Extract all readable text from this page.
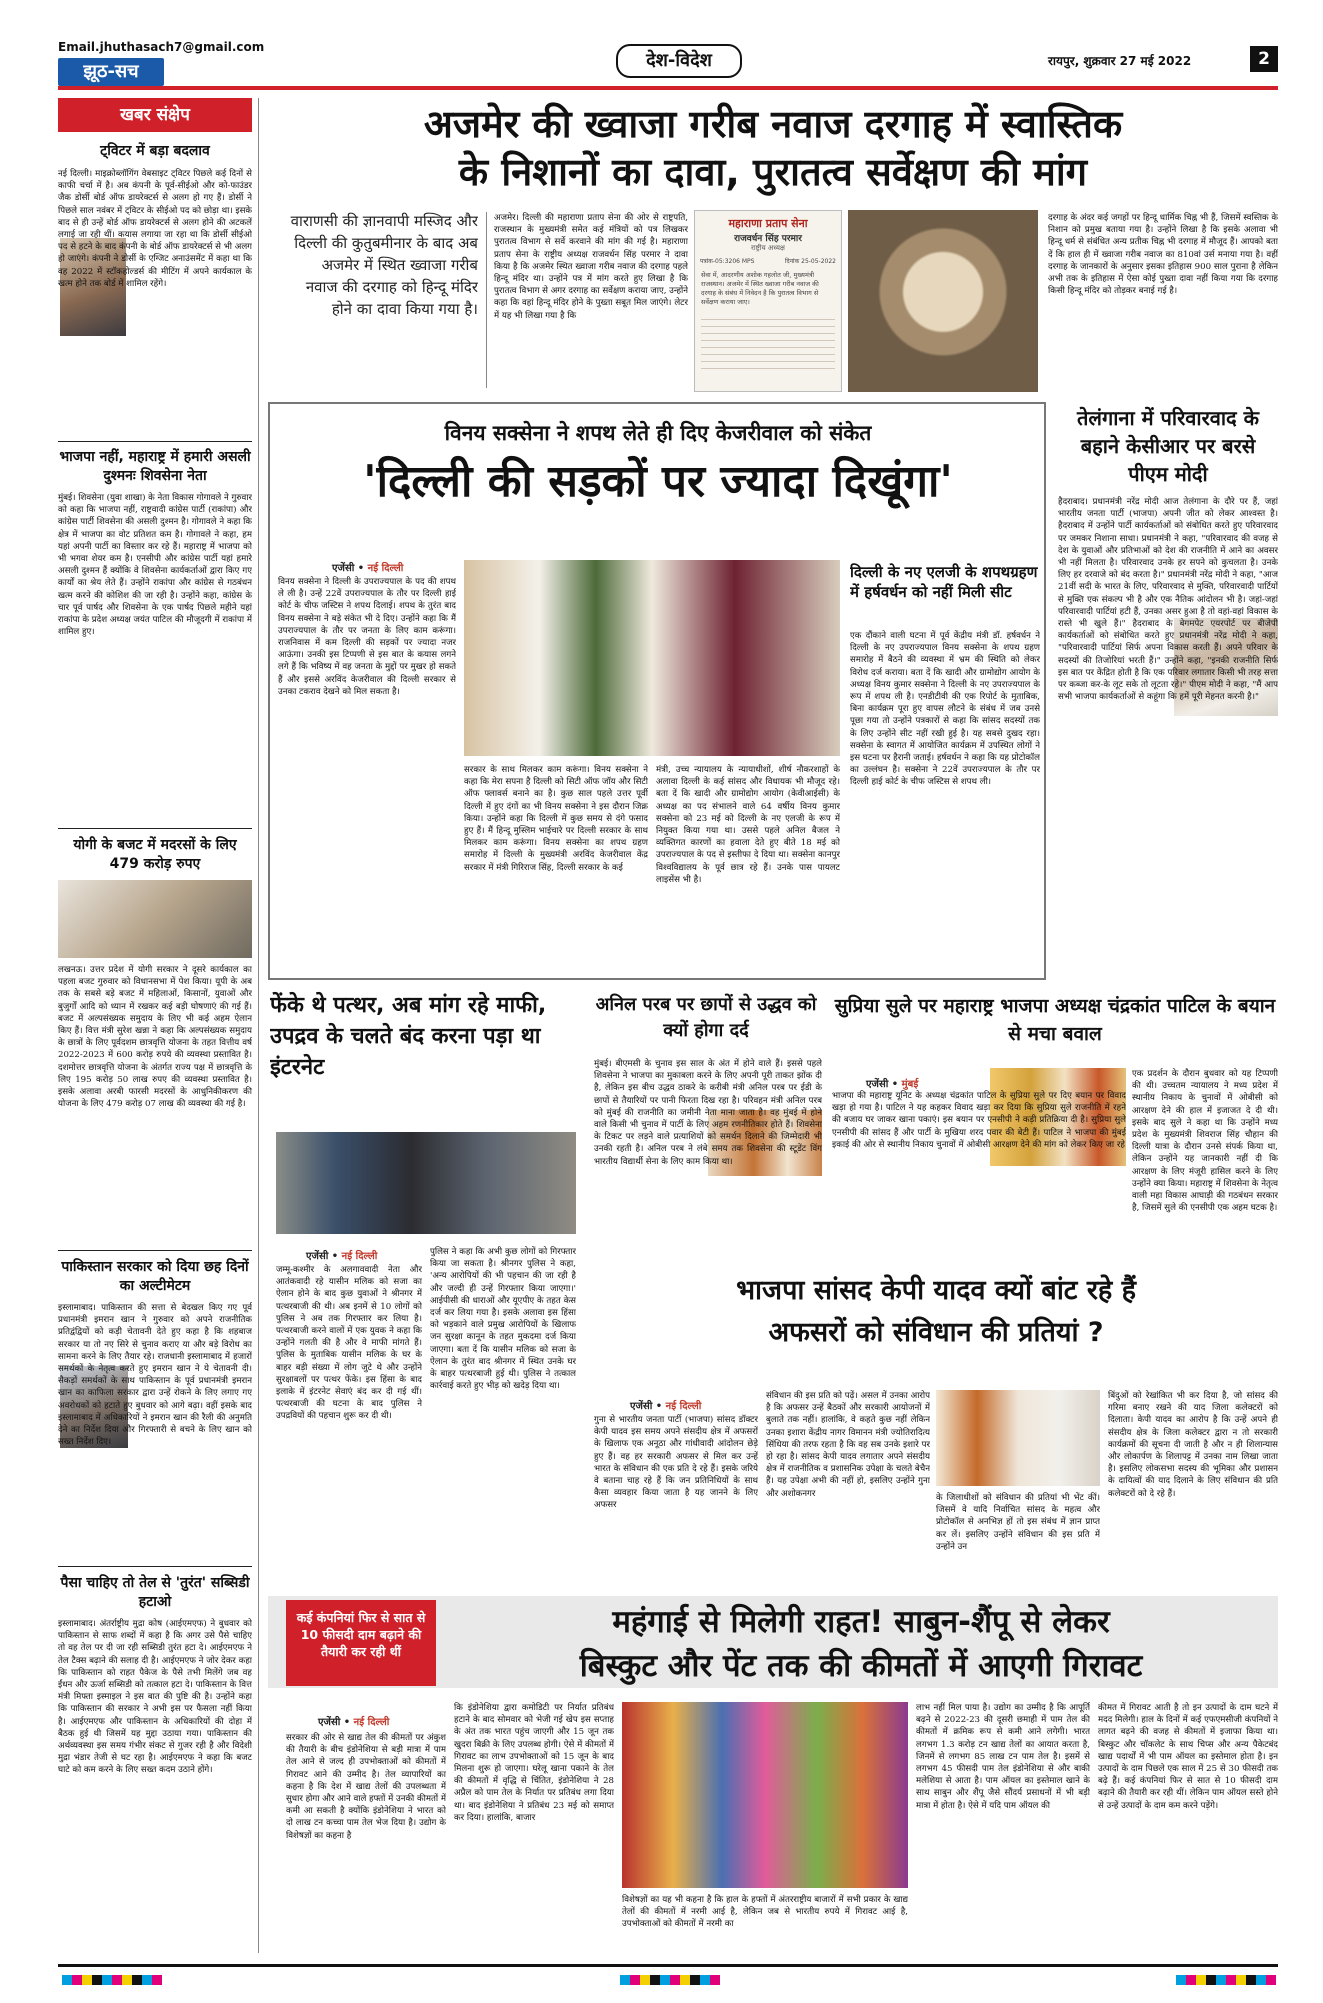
Email.jhuthasach7@gmail.com
झूठ-सच
देश-विदेश	रायपुर, शुक्रवार 27 मई 2022	2
खबर संक्षेप
ट्विटर में बड़ा बदलाव
नई दिल्ली। माइक्रोब्लॉगिंग वेबसाइट ट्विटर पिछले कई दिनों से काफी चर्चा में है। अब कंपनी के पूर्व-सीईओ और को-फाउंडर जैक डोर्सी बोर्ड ऑफ डायरेक्टर्स से अलग हो गए हैं। डोर्सी ने पिछले साल नवंबर में ट्विटर के सीईओ पद को छोड़ा था। इसके बाद से ही उन्हें बोर्ड ऑफ डायरेक्टर्स से अलग होने की अटकलें लगाई जा रही थीं। कयास लगाया जा रहा था कि डोर्सी सीईओ पद से हटने के बाद कंपनी के बोर्ड ऑफ डायरेक्टर्स से भी अलग हो जाएंगे। कंपनी ने डोर्सी के एग्जिट अनाउंसमेंट में कहा था कि वह 2022 में स्टॉकहोल्डर्स की मीटिंग में अपने कार्यकाल के खत्म होने तक बोर्ड में शामिल रहेंगे।
भाजपा नहीं, महाराष्ट्र में हमारी असली दुश्मनः शिवसेना नेता
मुंबई। शिवसेना (युवा शाखा) के नेता विकास गोगावले ने गुरुवार को कहा कि भाजपा नहीं, राष्ट्रवादी कांग्रेस पार्टी (राकांपा) और कांग्रेस पार्टी शिवसेना की असली दुश्मन है। गोगावले ने कहा कि क्षेत्र में भाजपा का वोट प्रतिशत कम है। गोगावले ने कहा, हम यहां अपनी पार्टी का विस्तार कर रहे हैं। महाराष्ट्र में भाजपा को भी भगवा शेयर कम है। एनसीपी और कांग्रेस पार्टी यहां हमारे असली दुश्मन हैं क्योंकि वे शिवसेना कार्यकर्ताओं द्वारा किए गए कार्यों का श्रेय लेते हैं। उन्होंने राकांपा और कांग्रेस से गठबंधन खत्म करने की कोशिश की जा रही है। उन्होंने कहा, कांग्रेस के चार पूर्व पार्षद और शिवसेना के एक पार्षद पिछले महीने यहां राकांपा के प्रदेश अध्यक्ष जयंत पाटिल की मौजूदगी में राकांपा में शामिल हुए।
योगी के बजट में मदरसों के लिए 479 करोड़ रुपए
लखनऊ। उत्तर प्रदेश में योगी सरकार ने दूसरे कार्यकाल का पहला बजट गुरुवार को विधानसभा में पेश किया। यूपी के अब तक के सबसे बड़े बजट में महिलाओं, किसानों, युवाओं और बुजुर्गों आदि को ध्यान में रखकर कई बड़ी घोषणाएं की गई हैं। बजट में अल्पसंख्यक समुदाय के लिए भी कई अहम ऐलान किए हैं। वित्त मंत्री सुरेश खन्ना ने कहा कि अल्पसंख्यक समुदाय के छात्रों के लिए पूर्वदशम छात्रवृत्ति योजना के तहत वित्तीय वर्ष 2022-2023 में 600 करोड़ रुपये की व्यवस्था प्रस्तावित है। दशमोत्तर छात्रवृत्ति योजना के अंतर्गत राज्य पक्ष में छात्रवृत्ति के लिए 195 करोड़ 50 लाख रुपए की व्यवस्था प्रस्तावित है। इसके अलावा अरबी फारसी मदरसों के आधुनिकीकरण की योजना के लिए 479 करोड़ 07 लाख की व्यवस्था की गई है।
पाकिस्तान सरकार को दिया छह दिनों का अल्टीमेटम
इस्लामाबाद। पाकिस्तान की सत्ता से बेदखल किए गए पूर्व प्रधानमंत्री इमरान खान ने गुरुवार को अपने राजनीतिक प्रतिद्वंद्वियों को कड़ी चेतावनी देते हुए कहा है कि शहबाज सरकार या तो नए सिरे से चुनाव कराए या और बड़े विरोध का सामना करने के लिए तैयार रहे। राजधानी इस्लामाबाद में हजारों समर्थकों के नेतृत्व करते हुए इमरान खान ने ये चेतावनी दी। सैकड़ों समर्थकों के साथ पाकिस्तान के पूर्व प्रधानमंत्री इमरान खान का काफिला सरकार द्वारा उन्हें रोकने के लिए लगाए गए अवरोधकों को हटाते हुए बुधवार को आगे बढ़ा। वहीं इसके बाद इस्लामाबाद में अधिकारियों ने इमरान खान की रैली की अनुमति देने का निर्देश दिया और गिरफ्तारी से बचने के लिए खान को सख्त निर्देश दिए।
पैसा चाहिए तो तेल से 'तुरंत' सब्सिडी हटाओ
इस्लामाबाद। अंतर्राष्ट्रीय मुद्रा कोष (आईएमएफ) ने बुधवार को पाकिस्तान से साफ शब्दों में कहा है कि अगर उसे पैसे चाहिए तो वह तेल पर दी जा रही सब्सिडी तुरंत हटा दे। आईएमएफ ने तेल टैक्स बढ़ाने की सलाह दी है। आईएमएफ ने जोर देकर कहा कि पाकिस्तान को राहत पैकेज के पैसे तभी मिलेंगे जब वह ईंधन और ऊर्जा सब्सिडी को तत्काल हटा दे। पाकिस्तान के वित्त मंत्री मिफ्ता इस्माइल ने इस बात की पुष्टि की है। उन्होंने कहा कि पाकिस्तान की सरकार ने अभी इस पर फैसला नहीं किया है। आईएमएफ और पाकिस्तान के अधिकारियों की दोहा में बैठक हुई थी जिसमें यह मुद्दा उठाया गया। पाकिस्तान की अर्थव्यवस्था इस समय गंभीर संकट से गुजर रही है और विदेशी मुद्रा भंडार तेजी से घट रहा है। आईएमएफ ने कहा कि बजट घाटे को कम करने के लिए सख्त कदम उठाने होंगे।
अजमेर की ख्वाजा गरीब नवाज दरगाह में स्वास्तिक
के निशानों का दावा, पुरातत्व सर्वेक्षण की मांग
वाराणसी की ज्ञानवापी मस्जिद और दिल्ली की कुतुबमीनार के बाद अब अजमेर में स्थित ख्वाजा गरीब नवाज की दरगाह को हिन्दू मंदिर होने का दावा किया गया है।
अजमेर। दिल्ली की महाराणा प्रताप सेना की ओर से राष्ट्रपति, राजस्थान के मुख्यमंत्री समेत कई मंत्रियों को पत्र लिखकर पुरातत्व विभाग से सर्वे करवाने की मांग की गई है। महाराणा प्रताप सेना के राष्ट्रीय अध्यक्ष राजवर्धन सिंह परमार ने दावा किया है कि अजमेर स्थित ख्वाजा गरीब नवाज की दरगाह पहले हिन्दू मंदिर था। उन्होंने पत्र में मांग करते हुए लिखा है कि पुरातत्व विभाग से अगर दरगाह का सर्वेक्षण कराया जाए, उन्होंने कहा कि वहां हिन्दू मंदिर होने के पुख्ता सबूत मिल जाएंगे। लेटर में यह भी लिखा गया है कि
महाराणा प्रताप सेना
राजवर्धन सिंह परमार
राष्ट्रीय अध्यक्ष
पत्रांक-05:3206 MPS	दिनांक 25-05-2022
सेवा में, आदरणीय अशोक गहलोत जी, मुख्यमंत्री राजस्थान। अजमेर में स्थित ख्वाजा गरीब नवाज की दरगाह के संबंध में निवेदन है कि पुरातत्व विभाग से सर्वेक्षण कराया जाए।
दरगाह के अंदर कई जगहों पर हिन्दू धार्मिक चिह्न भी हैं, जिसमें स्वस्तिक के निशान को प्रमुख बताया गया है। उन्होंने लिखा है कि इसके अलावा भी हिन्दू धर्म से संबंधित अन्य प्रतीक चिह्न भी दरगाह में मौजूद हैं। आपको बता दें कि हाल ही में ख्वाजा गरीब नवाज का 810वां उर्स मनाया गया है। वहीं दरगाह के जानकारों के अनुसार इसका इतिहास 900 साल पुराना है लेकिन अभी तक के इतिहास में ऐसा कोई पुख्ता दावा नहीं किया गया कि दरगाह किसी हिन्दू मंदिर को तोड़कर बनाई गई है।
विनय सक्सेना ने शपथ लेते ही दिए केजरीवाल को संकेत
'दिल्ली की सड़कों पर ज्यादा दिखूंगा'
एजेंसी • नई दिल्ली
विनय सक्सेना ने दिल्ली के उपराज्यपाल के पद की शपथ ले ली है। उन्हें 22वें उपराज्यपाल के तौर पर दिल्ली हाई कोर्ट के चीफ जस्टिस ने शपथ दिलाई। शपथ के तुरंत बाद विनय सक्सेना ने बड़े संकेत भी दे दिए। उन्होंने कहा कि मैं उपराज्यपाल के तौर पर जनता के लिए काम करूंगा। राजनिवास में कम दिल्ली की सड़कों पर ज्यादा नजर आऊंगा। उनकी इस टिप्पणी से इस बात के कयास लगने लगे हैं कि भविष्य में वह जनता के मुद्दों पर मुखर हो सकते हैं और इससे अरविंद केजरीवाल की दिल्ली सरकार से उनका टकराव देखने को मिल सकता है।
सरकार के साथ मिलकर काम करूंगा। विनय सक्सेना ने कहा कि मेरा सपना है दिल्ली को सिटी ऑफ जॉय और सिटी ऑफ फ्लावर्स बनाने का है। कुछ साल पहले उत्तर पूर्वी दिल्ली में हुए दंगों का भी विनय सक्सेना ने इस दौरान जिक्र किया। उन्होंने कहा कि दिल्ली में कुछ समय से दंगे फसाद हुए हैं। मैं हिन्दू मुस्लिम भाईचारे पर दिल्ली सरकार के साथ मिलकर काम करूंगा। विनय सक्सेना का शपथ ग्रहण समारोह में दिल्ली के मुख्यमंत्री अरविंद केजरीवाल केंद्र सरकार में मंत्री गिरिराज सिंह, दिल्ली सरकार के कई
मंत्री, उच्च न्यायालय के न्यायाधीशों, शीर्ष नौकरशाहों के अलावा दिल्ली के कई सांसद और विधायक भी मौजूद रहे। बता दें कि खादी और ग्रामोद्योग आयोग (केवीआईसी) के अध्यक्ष का पद संभालने वाले 64 वर्षीय विनय कुमार सक्सेना को 23 मई को दिल्ली के नए एलजी के रूप में नियुक्त किया गया था। उससे पहले अनिल बैजल ने व्यक्तिगत कारणों का हवाला देते हुए बीते 18 मई को उपराज्यपाल के पद से इस्तीफा दे दिया था। सक्सेना कानपुर विश्वविद्यालय के पूर्व छात्र रहे हैं। उनके पास पायलट लाइसेंस भी है।
दिल्ली के नए एलजी के शपथग्रहण में हर्षवर्धन को नहीं मिली सीट
एक दौंकाने वाली घटना में पूर्व केंद्रीय मंत्री डॉ. हर्षवर्धन ने दिल्ली के नए उपराज्यपाल विनय सक्सेना के शपथ ग्रहण समारोह में बैठने की व्यवस्था में भ्रम की स्थिति को लेकर विरोध दर्ज कराया। बता दें कि खादी और ग्रामोद्योग आयोग के अध्यक्ष विनय कुमार सक्सेना ने दिल्ली के नए उपराज्यपाल के रूप में शपथ ली है। एनडीटीवी की एक रिपोर्ट के मुताबिक, बिना कार्यक्रम पूरा हुए वापस लौटने के संबंध में जब उनसे पूछा गया तो उन्होंने पत्रकारों से कहा कि सांसद सदस्यों तक के लिए उन्होंने सीट नहीं रखी हुई है। यह सबसे दुखद रहा। सक्सेना के स्वागत में आयोजित कार्यक्रम में उपस्थित लोगों ने इस घटना पर हैरानी जताई। हर्षवर्धन ने कहा कि यह प्रोटोकॉल का उल्लंघन है। सक्सेना ने 22वें उपराज्यपाल के तौर पर दिल्ली हाई कोर्ट के चीफ जस्टिस से शपथ ली।
तेलंगाना में परिवारवाद के बहाने केसीआर पर बरसे पीएम मोदी
हैदराबाद। प्रधानमंत्री नरेंद्र मोदी आज तेलंगाना के दौरे पर हैं, जहां भारतीय जनता पार्टी (भाजपा) अपनी जीत को लेकर आश्वस्त है। हैदराबाद में उन्होंने पार्टी कार्यकर्ताओं को संबोधित करते हुए परिवारवाद पर जमकर निशाना साधा। प्रधानमंत्री ने कहा, "परिवारवाद की वजह से देश के युवाओं और प्रतिभाओं को देश की राजनीति में आने का अवसर भी नहीं मिलता है। परिवारवाद उनके हर सपने को कुचलता है। उनके लिए हर दरवाजे को बंद करता है।" प्रधानमंत्री नरेंद्र मोदी ने कहा, "आज 21वीं सदी के भारत के लिए, परिवारवाद से मुक्ति, परिवारवादी पार्टियों से मुक्ति एक संकल्प भी है और एक नैतिक आंदोलन भी है। जहां-जहां परिवारवादी पार्टियां हटी हैं, उनका असर हुआ है तो वहां-वहां विकास के रास्ते भी खुले हैं।" हैदराबाद के बेगमपेट एयरपोर्ट पर बीजेपी कार्यकर्ताओं को संबोधित करते हुए प्रधानमंत्री नरेंद्र मोदी ने कहा, "परिवारवादी पार्टियां सिर्फ अपना विकास करती हैं। अपने परिवार के सदस्यों की तिजोरियां भरती हैं।" उन्होंने कहा, "इनकी राजनीति सिर्फ इस बात पर केंद्रित होती है कि एक परिवार लगातार किसी भी तरह सत्ता पर कब्जा कर-के लूट सके तो लूटता रहे।" पीएम मोदी ने कहा, "मैं आप सभी भाजपा कार्यकर्ताओं से कहूंगा कि हमें पूरी मेहनत करनी है।"
फेंके थे पत्थर, अब मांग रहे माफी, उपद्रव के चलते बंद करना पड़ा था इंटरनेट
एजेंसी • नई दिल्ली
जम्मू-कश्मीर के अलगाववादी नेता और आतंकवादी रहे यासीन मलिक को सजा का ऐलान होने के बाद कुछ युवाओं ने श्रीनगर में पत्थरबाजी की थी। अब इनमें से 10 लोगों को पुलिस ने अब तक गिरफ्तार कर लिया है। पत्थरबाजी करने वालों में एक युवक ने कहा कि उन्होंने गलती की है और वे माफी मांगते हैं। पुलिस के मुताबिक यासीन मलिक के घर के बाहर बड़ी संख्या में लोग जुटे थे और उन्होंने सुरक्षाबलों पर पत्थर फेंके। इस हिंसा के बाद इलाके में इंटरनेट सेवाएं बंद कर दी गई थीं। पत्थरबाजी की घटना के बाद पुलिस ने उपद्रवियों की पहचान शुरू कर दी थी।
पुलिस ने कहा कि अभी कुछ लोगों को गिरफ्तार किया जा सकता है। श्रीनगर पुलिस ने कहा, 'अन्य आरोपियों की भी पहचान की जा रही है और जल्दी ही उन्हें गिरफ्तार किया जाएगा।' आईपीसी की धाराओं और यूएपीए के तहत केस दर्ज कर लिया गया है। इसके अलावा इस हिंसा को भड़काने वाले प्रमुख आरोपियों के खिलाफ जन सुरक्षा कानून के तहत मुकदमा दर्ज किया जाएगा। बता दें कि यासीन मलिक को सजा के ऐलान के तुरंत बाद श्रीनगर में स्थित उनके घर के बाहर पत्थरबाजी हुई थी। पुलिस ने तत्काल कार्रवाई करते हुए भीड़ को खदेड़ दिया था।
अनिल परब पर छापों से उद्धव को क्यों होगा दर्द
मुंबई। बीएमसी के चुनाव इस साल के अंत में होने वाले हैं। इससे पहले शिवसेना ने भाजपा का मुकाबला करने के लिए अपनी पूरी ताकत झोंक दी है, लेकिन इस बीच उद्धव ठाकरे के करीबी मंत्री अनिल परब पर ईडी के छापों से तैयारियों पर पानी फिरता दिख रहा है। परिवहन मंत्री अनिल परब को मुंबई की राजनीति का जमीनी नेता माना जाता है। वह मुंबई में होने वाले किसी भी चुनाव में पार्टी के लिए अहम रणनीतिकार होते हैं। शिवसेना के टिकट पर लड़ने वाले प्रत्याशियों को समर्थन दिलाने की जिम्मेदारी भी उनकी रहती है। अनिल परब ने लंबे समय तक शिवसेना की स्टूडेंट विंग भारतीय विद्यार्थी सेना के लिए काम किया था।
सुप्रिया सुले पर महाराष्ट्र भाजपा अध्यक्ष चंद्रकांत पाटिल के बयान से मचा बवाल
एजेंसी • मुंबई
भाजपा की महाराष्ट्र यूनिट के अध्यक्ष चंद्रकांत पाटिल के सुप्रिया सुले पर दिए बयान पर विवाद खड़ा हो गया है। पाटिल ने यह कहकर विवाद खड़ा कर दिया कि सुप्रिया सुले राजनीति में रहने की बजाय घर जाकर खाना पकाएं। इस बयान पर एनसीपी ने कड़ी प्रतिक्रिया दी है। सुप्रिया सुले एनसीपी की सांसद हैं और पार्टी के मुखिया शरद पवार की बेटी हैं। पाटिल ने भाजपा की मुंबई इकाई की ओर से स्थानीय निकाय चुनावों में ओबीसी आरक्षण देने की मांग को लेकर किए जा रहे
एक प्रदर्शन के दौरान बुधवार को यह टिप्पणी की थी। उच्चतम न्यायालय ने मध्य प्रदेश में स्थानीय निकाय के चुनावों में ओबीसी को आरक्षण देने की हाल में इजाजत दे दी थी। इसके बाद सुले ने कहा था कि उन्होंने मध्य प्रदेश के मुख्यमंत्री शिवराज सिंह चौहान की दिल्ली यात्रा के दौरान उनसे संपर्क किया था, लेकिन उन्होंने यह जानकारी नहीं दी कि आरक्षण के लिए मंजूरी हासिल करने के लिए उन्होंने क्या किया। महाराष्ट्र में शिवसेना के नेतृत्व वाली महा विकास आघाड़ी की गठबंधन सरकार है, जिसमें सुले की एनसीपी एक अहम घटक है।
भाजपा सांसद केपी यादव क्यों बांट रहे हैं
अफसरों को संविधान की प्रतियां ?
एजेंसी • नई दिल्ली
गुना से भारतीय जनता पार्टी (भाजपा) सांसद डॉक्टर केपी यादव इस समय अपने संसदीय क्षेत्र में अफसरों के खिलाफ एक अनूठा और गांधीवादी आंदोलन छेड़े हुए हैं। वह हर सरकारी अफसर से मिल कर उन्हें भारत के संविधान की एक प्रति दे रहे हैं। इसके जरिये वे बताना चाह रहे हैं कि जन प्रतिनिधियों के साथ कैसा व्यवहार किया जाता है यह जानने के लिए अफसर
संविधान की इस प्रति को पढ़ें। असल में उनका आरोप है कि अफसर उन्हें बैठकों और सरकारी आयोजनों में बुलाते तक नहीं। हालांकि, वे कहते कुछ नहीं लेकिन उनका इशारा केंद्रीय नागर विमानन मंत्री ज्योतिरादित्य सिंधिया की तरफ रहता है कि वह सब उनके इशारे पर हो रहा है। सांसद केपी यादव लगातार अपने संसदीय क्षेत्र में राजनीतिक व प्रशासनिक उपेक्षा के चलते बेचैन हैं। यह उपेक्षा अभी की नहीं हो, इसलिए उन्होंने गुना और अशोकनगर	के जिलाधीशों को संविधान की प्रतियां भी भेंट कीं। जिसमें वे यादि निर्वाचित सांसद के महत्व और प्रोटोकॉल से अनभिज्ञ हों तो इस संबंध में ज्ञान प्राप्त कर लें। इसलिए उन्होंने संविधान की इस प्रति में उन्होंने उन
बिंदुओं को रेखांकित भी कर दिया है, जो सांसद की गरिमा बनाए रखने की याद जिला कलेक्टरों को दिलाता। केपी यादव का आरोप है कि उन्हें अपने ही संसदीय क्षेत्र के जिला कलेक्टर द्वारा न तो सरकारी कार्यक्रमों की सूचना दी जाती है और न ही शिलान्यास और लोकार्पण के शिलापट्ट में उनका नाम लिखा जाता है। इसलिए लोकसभा सदस्य की भूमिका और प्रशासन के दायित्वों की याद दिलाने के लिए संविधान की प्रति कलेक्टरों को दे रहे हैं।
कई कंपनियां फिर से सात से 10 फीसदी दाम बढ़ाने की तैयारी कर रही थीं
महंगाई से मिलेगी राहत! साबुन-शैंपू से लेकर
बिस्कुट और पेंट तक की कीमतों में आएगी गिरावट
एजेंसी • नई दिल्ली
सरकार की ओर से खाद्य तेल की कीमतों पर अंकुश की तैयारी के बीच इंडोनेशिया से बड़ी मात्रा में पाम तेल आने से जल्द ही उपभोक्ताओं को कीमतों में गिरावट आने की उम्मीद है। तेल व्यापारियों का कहना है कि देश में खाद्य तेलों की उपलब्धता में सुधार होगा और आने वाले हफ्तों में उनकी कीमतों में कमी आ सकती है क्योंकि इंडोनेशिया ने भारत को दो लाख टन कच्चा पाम तेल भेज दिया है। उद्योग के विशेषज्ञों का कहना है
कि इंडोनेशिया द्वारा कमोडिटी पर निर्यात प्रतिबंध हटाने के बाद सोमवार को भेजी गई खेप इस सप्ताह के अंत तक भारत पहुंच जाएगी और 15 जून तक खुदरा बिक्री के लिए उपलब्ध होगी। ऐसे में कीमतों में गिरावट का लाभ उपभोक्ताओं को 15 जून के बाद मिलना शुरू हो जाएगा। घरेलू खाना पकाने के तेल की कीमतों में वृद्धि से चिंतित, इंडोनेशिया ने 28 अप्रैल को पाम तेल के निर्यात पर प्रतिबंध लगा दिया था। बाद इंडोनेशिया ने प्रतिबंध 23 मई को समाप्त कर दिया। हालांकि, बाजार
विशेषज्ञों का यह भी कहना है कि हाल के हफ्तों में अंतरराष्ट्रीय बाजारों में सभी प्रकार के खाद्य तेलों की कीमतों में नरमी आई है, लेकिन जब से भारतीय रुपये में गिरावट आई है, उपभोक्ताओं को कीमतों में नरमी का
लाभ नहीं मिल पाया है। उद्योग का उम्मीद है कि आपूर्ति बढ़ने से 2022-23 की दूसरी छमाही में पाम तेल की कीमतों में क्रमिक रूप से कमी आने लगेगी। भारत लगभग 1.3 करोड़ टन खाद्य तेलों का आयात करता है, जिनमें से लगभग 85 लाख टन पाम तेल है। इसमें से लगभग 45 फीसदी पाम तेल इंडोनेशिया से और बाकी मलेशिया से आता है। पाम ऑयल का इस्तेमाल खाने के साथ साबुन और शैंपू जैसे सौंदर्य प्रसाधनों में भी बड़ी मात्रा में होता है। ऐसे में यदि पाम ऑयल की
कीमत में गिरावट आती है तो इन उत्पादों के दाम घटने में मदद मिलेगी। हाल के दिनों में कई एफएमसीजी कंपनियों ने लागत बढ़ने की वजह से कीमतों में इजाफा किया था। बिस्कुट और चॉकलेट के साथ चिप्स और अन्य पैकेटबंद खाद्य पदार्थों में भी पाम ऑयल का इस्तेमाल होता है। इन उत्पादों के दाम पिछले एक साल में 25 से 30 फीसदी तक बढ़े हैं। कई कंपनियां फिर से सात से 10 फीसदी दाम बढ़ाने की तैयारी कर रही थीं। लेकिन पाम ऑयल सस्ते होने से उन्हें उत्पादों के दाम कम करने पड़ेंगे।
